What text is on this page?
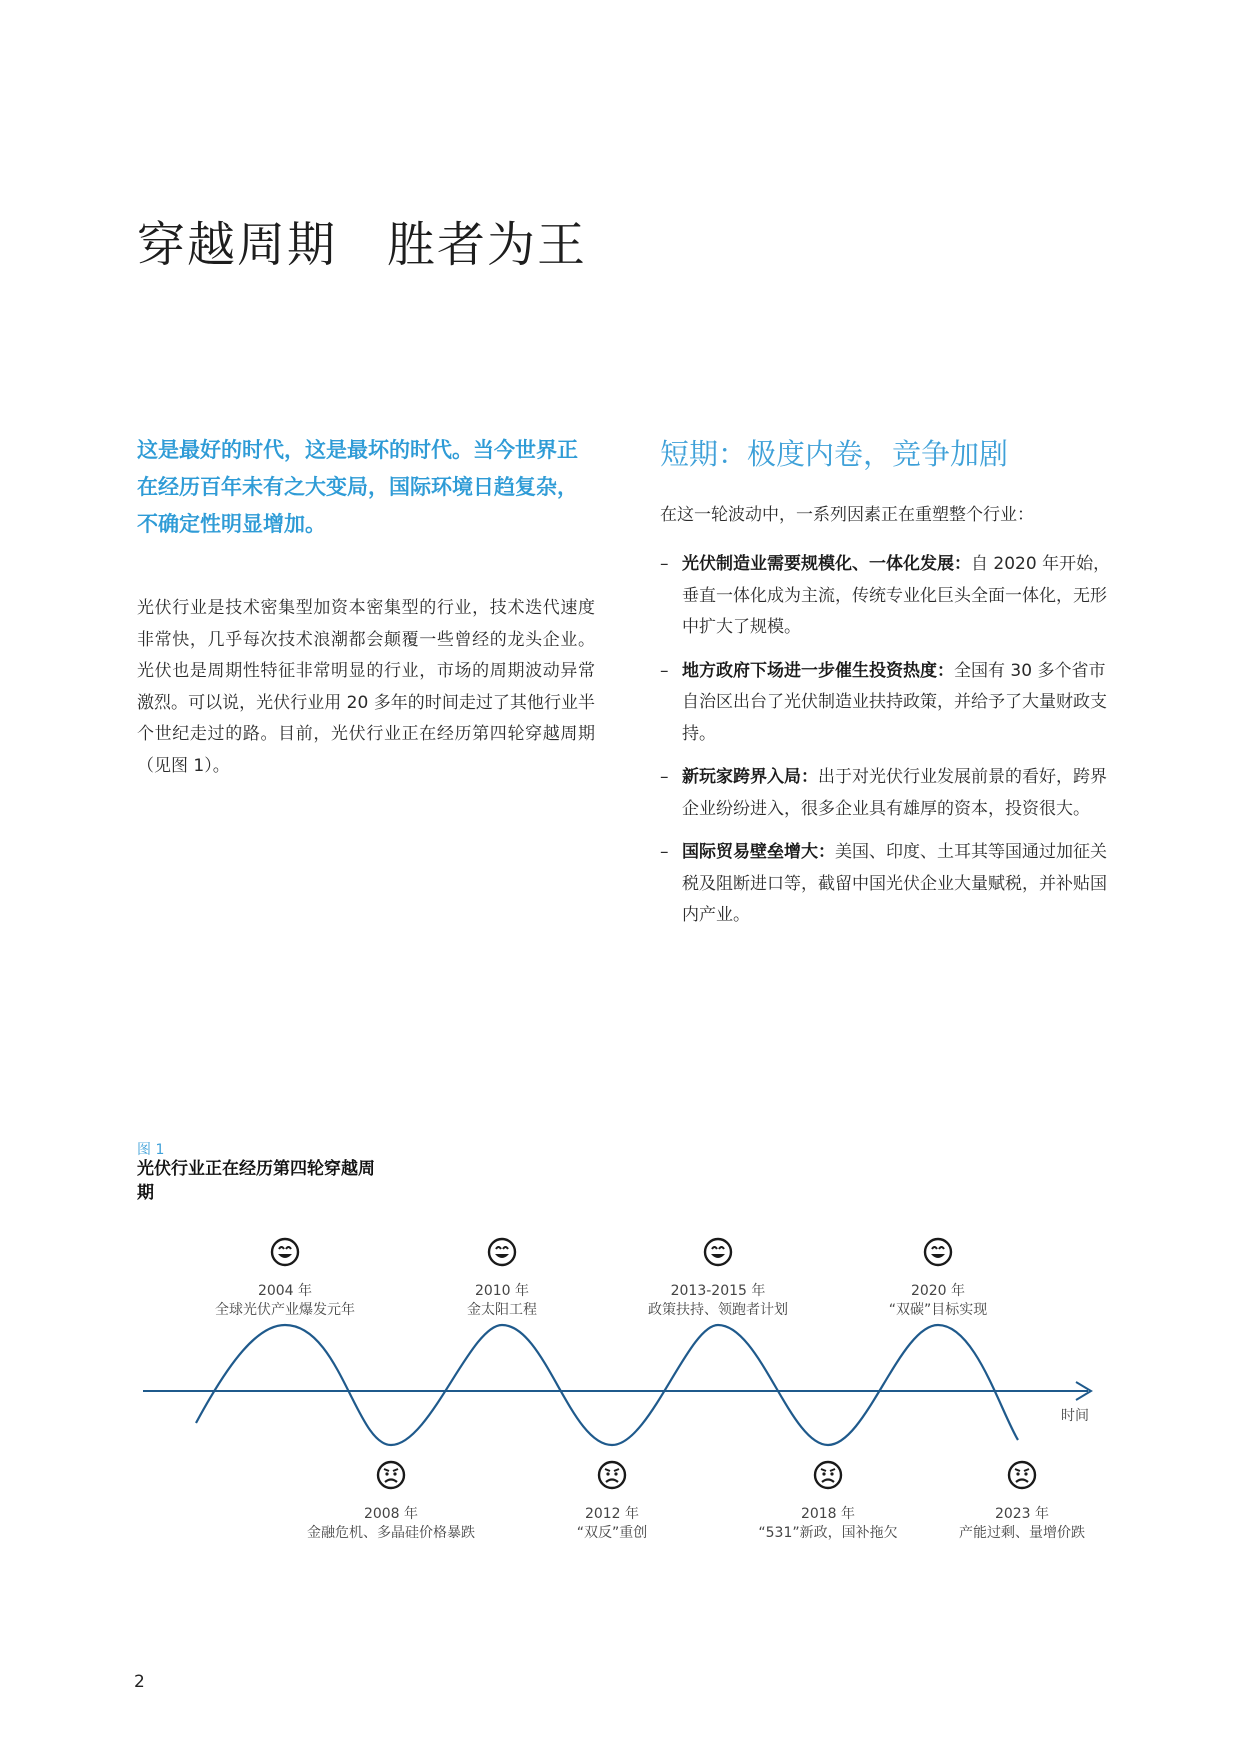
穿越周期　胜者为王

这是最好的时代，这是最坏的时代。当今世界正在经历百年未有之大变局，国际环境日趋复杂，不确定性明显增加。

光伏行业是技术密集型加资本密集型的行业，技术迭代速度非常快，几乎每次技术浪潮都会颠覆一些曾经的龙头企业。光伏也是周期性特征非常明显的行业，市场的周期波动异常激烈。可以说，光伏行业用 20 多年的时间走过了其他行业半个世纪走过的路。目前，光伏行业正在经历第四轮穿越周期（见图 1）。

短期：极度内卷，竞争加剧

在这一轮波动中，一系列因素正在重塑整个行业：

– 光伏制造业需要规模化、一体化发展：自 2020 年开始，垂直一体化成为主流，传统专业化巨头全面一体化，无形中扩大了规模。
– 地方政府下场进一步催生投资热度：全国有 30 多个省市自治区出台了光伏制造业扶持政策，并给予了大量财政支持。
– 新玩家跨界入局：出于对光伏行业发展前景的看好，跨界企业纷纷进入，很多企业具有雄厚的资本，投资很大。
– 国际贸易壁垒增大：美国、印度、土耳其等国通过加征关税及阻断进口等，截留中国光伏企业大量赋税，并补贴国内产业。

图 1

光伏行业正在经历第四轮穿越周期

时间
2004 年
全球光伏产业爆发元年
2010 年
金太阳工程
2013-2015 年
政策扶持、领跑者计划
2020 年
“双碳”目标实现
2008 年
金融危机、多晶硅价格暴跌
2012 年
“双反”重创
2018 年
“531”新政，国补拖欠
2023 年
产能过剩、量增价跌

2
